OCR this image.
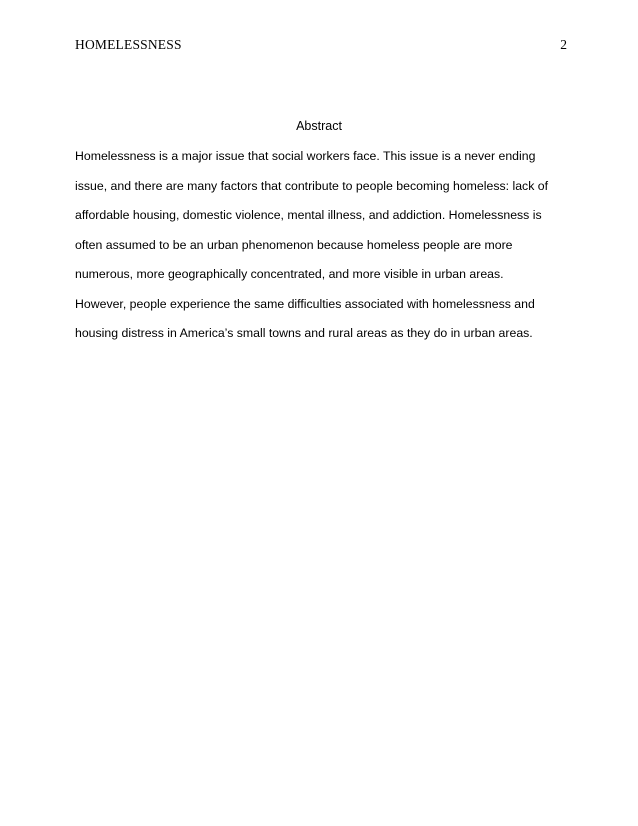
HOMELESSNESS	2
Abstract
Homelessness is a major issue that social workers face. This issue is a never ending
issue, and there are many factors that contribute to people becoming homeless: lack of
affordable housing, domestic violence, mental illness, and addiction. Homelessness is
often assumed to be an urban phenomenon because homeless people are more
numerous, more geographically concentrated, and more visible in urban areas.
However, people experience the same difficulties associated with homelessness and
housing distress in America’s small towns and rural areas as they do in urban areas.
